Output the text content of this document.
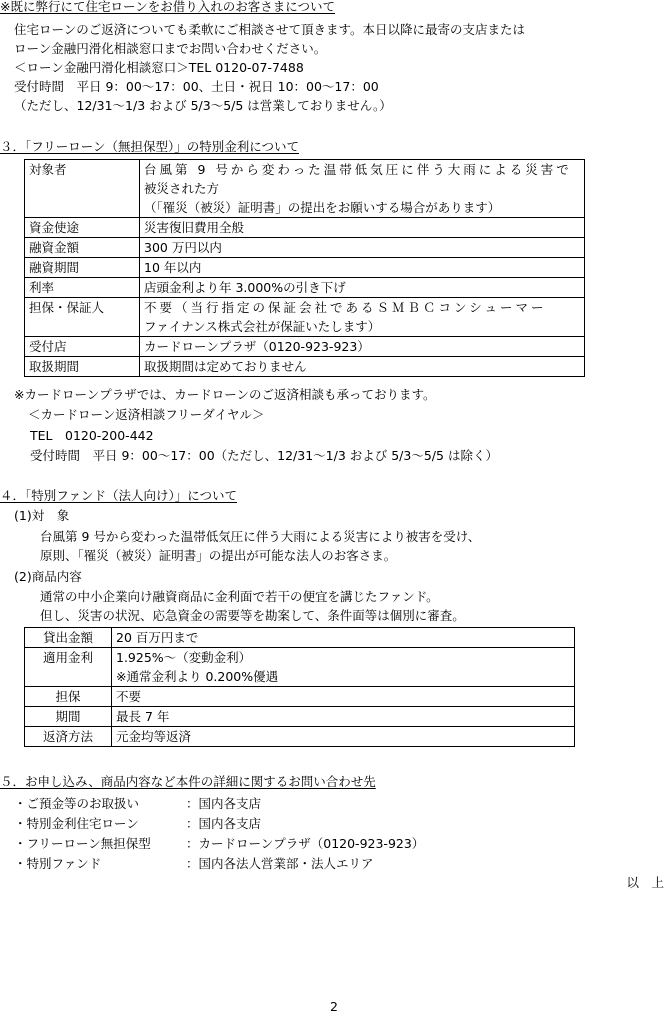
※既に弊行にて住宅ローンをお借り入れのお客さまについて
住宅ローンのご返済についても柔軟にご相談させて頂きます。本日以降に最寄の支店または
ローン金融円滑化相談窓口までお問い合わせください。
＜ローン金融円滑化相談窓口＞TEL 0120-07-7488
受付時間　平日 9：00～17：00、土日・祝日 10：00～17：00
（ただし、12/31～1/3 および 5/3～5/5 は営業しておりません。）
３．「フリーローン（無担保型）」の特別金利について
対象者	台風第 9 号から変わった温帯低気圧に伴う大雨による災害で
被災された方
（「罹災（被災）証明書」の提出をお願いする場合があります）

資金使途	災害復旧費用全般
融資金額	300 万円以内
融資期間	10 年以内
利率	店頭金利より年 3.000%の引き下げ
担保・保証人	不要（当行指定の保証会社であるＳＭＢＣコンシューマー
ファイナンス株式会社が保証いたします）

受付店	カードローンプラザ（0120-923-923）
取扱期間	取扱期間は定めておりません
※カードローンプラザでは、カードローンのご返済相談も承っております。
＜カードローン返済相談フリーダイヤル＞
TEL　0120-200-442
受付時間　平日 9：00～17：00（ただし、12/31～1/3 および 5/3～5/5 は除く）
４．「特別ファンド（法人向け）」について
(1)対　象
台風第 9 号から変わった温帯低気圧に伴う大雨による災害により被害を受け、
原則、「罹災（被災）証明書」の提出が可能な法人のお客さま。
(2)商品内容
通常の中小企業向け融資商品に金利面で若干の便宜を講じたファンド。
但し、災害の状況、応急資金の需要等を勘案して、条件面等は個別に審査。
貸出金額	20 百万円まで
適用金利	1.925%～（変動金利）
※通常金利より 0.200%優遇

担保	不要
期間	最長 7 年
返済方法	元金均等返済
５．お申し込み、商品内容など本件の詳細に関するお問い合わせ先
・ご預金等のお取扱い	：国内各支店
・特別金利住宅ローン	：国内各支店
・フリーローン無担保型	：カードローンプラザ（0120-923-923）
・特別ファンド	：国内各法人営業部・法人エリア
以　上
2
